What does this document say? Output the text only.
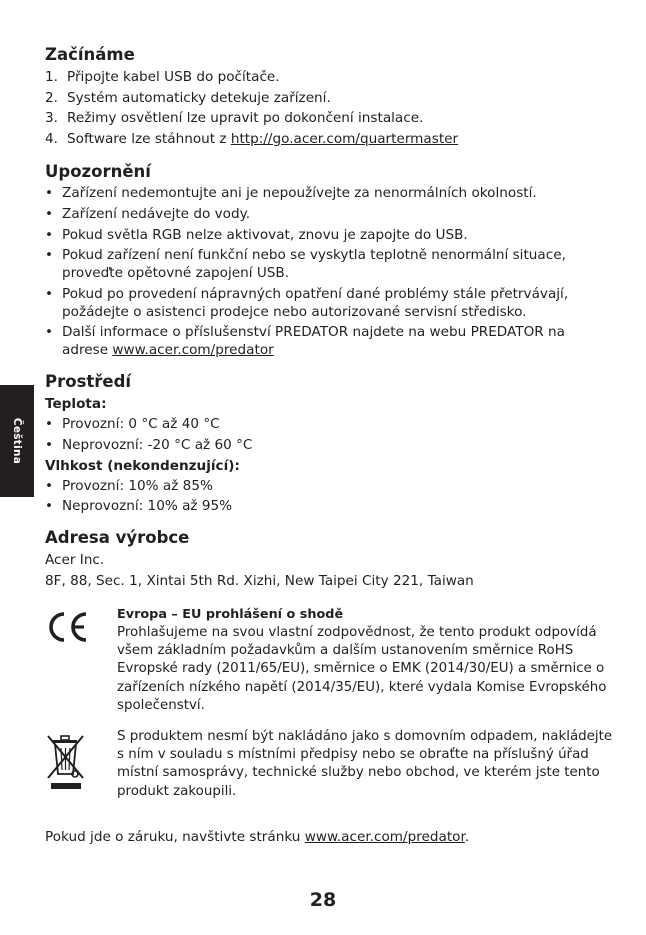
Čeština
Začínáme
1. Připojte kabel USB do počítače.
2. Systém automaticky detekuje zařízení.
3. Režimy osvětlení lze upravit po dokončení instalace.
4. Software lze stáhnout z http://go.acer.com/quartermaster
Upozornění
• Zařízení nedemontujte ani je nepoužívejte za nenormálních okolností.
• Zařízení nedávejte do vody.
• Pokud světla RGB nelze aktivovat, znovu je zapojte do USB.
• Pokud zařízení není funkční nebo se vyskytla teplotně nenormální situace, proveďte opětovné zapojení USB.
• Pokud po provedení nápravných opatření dané problémy stále přetrvávají, požádejte o asistenci prodejce nebo autorizované servisní středisko.
• Další informace o příslušenství PREDATOR najdete na webu PREDATOR na adrese www.acer.com/predator
Prostředí
Teplota:
• Provozní: 0 °C až 40 °C
• Neprovozní: -20 °C až 60 °C
Vlhkost (nekondenzující):
• Provozní: 10% až 85%
• Neprovozní: 10% až 95%
Adresa výrobce
Acer Inc.
8F, 88, Sec. 1, Xintai 5th Rd. Xizhi, New Taipei City 221, Taiwan
Evropa – EU prohlášení o shodě
Prohlašujeme na svou vlastní zodpovědnost, že tento produkt odpovídá všem základním požadavkům a dalším ustanovením směrnice RoHS Evropské rady (2011/65/EU), směrnice o EMK (2014/30/EU) a směrnice o zařízeních nízkého napětí (2014/35/EU), které vydala Komise Evropského společenství.
S produktem nesmí být nakládáno jako s domovním odpadem, nakládejte s ním v souladu s místními předpisy nebo se obraťte na příslušný úřad místní samosprávy, technické služby nebo obchod, ve kterém jste tento produkt zakoupili.
Pokud jde o záruku, navštivte stránku www.acer.com/predator.
28
